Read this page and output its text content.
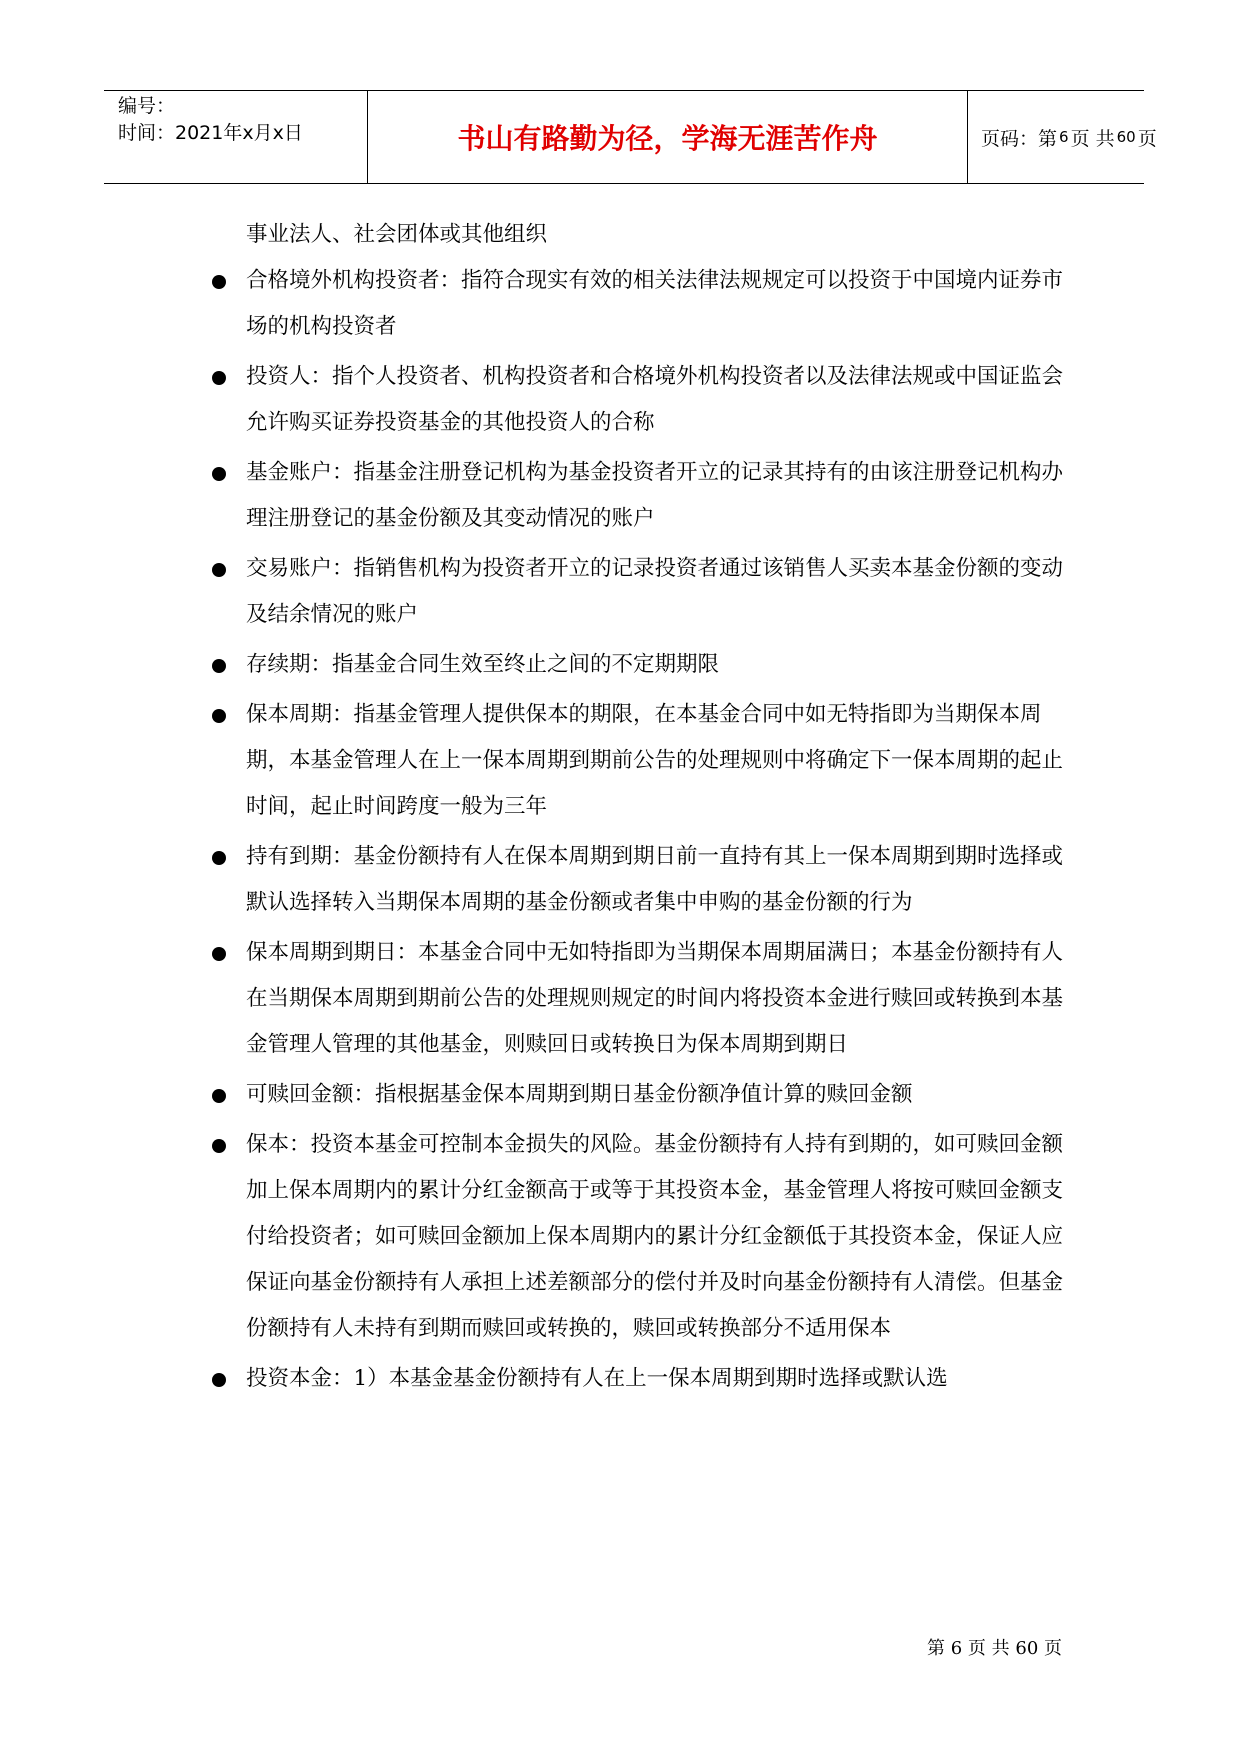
编号：
时间：2021年x月x日	书山有路勤为径，学海无涯苦作舟	页码：第 6 页 共 60 页
事业法人、社会团体或其他组织
合格境外机构投资者：指符合现实有效的相关法律法规规定可以投资于中国境内证券市场的机构投资者
投资人：指个人投资者、机构投资者和合格境外机构投资者以及法律法规或中国证监会允许购买证券投资基金的其他投资人的合称
基金账户：指基金注册登记机构为基金投资者开立的记录其持有的由该注册登记机构办理注册登记的基金份额及其变动情况的账户
交易账户：指销售机构为投资者开立的记录投资者通过该销售人买卖本基金份额的变动及结余情况的账户
存续期：指基金合同生效至终止之间的不定期期限
保本周期：指基金管理人提供保本的期限，在本基金合同中如无特指即为当期保本周期，本基金管理人在上一保本周期到期前公告的处理规则中将确定下一保本周期的起止时间，起止时间跨度一般为三年
持有到期：基金份额持有人在保本周期到期日前一直持有其上一保本周期到期时选择或默认选择转入当期保本周期的基金份额或者集中申购的基金份额的行为
保本周期到期日：本基金合同中无如特指即为当期保本周期届满日；本基金份额持有人在当期保本周期到期前公告的处理规则规定的时间内将投资本金进行赎回或转换到本基金管理人管理的其他基金，则赎回日或转换日为保本周期到期日
可赎回金额：指根据基金保本周期到期日基金份额净值计算的赎回金额
保本：投资本基金可控制本金损失的风险。基金份额持有人持有到期的，如可赎回金额加上保本周期内的累计分红金额高于或等于其投资本金，基金管理人将按可赎回金额支付给投资者；如可赎回金额加上保本周期内的累计分红金额低于其投资本金，保证人应保证向基金份额持有人承担上述差额部分的偿付并及时向基金份额持有人清偿。但基金份额持有人未持有到期而赎回或转换的，赎回或转换部分不适用保本
投资本金：1）本基金基金份额持有人在上一保本周期到期时选择或默认选
第 6 页 共 60 页
